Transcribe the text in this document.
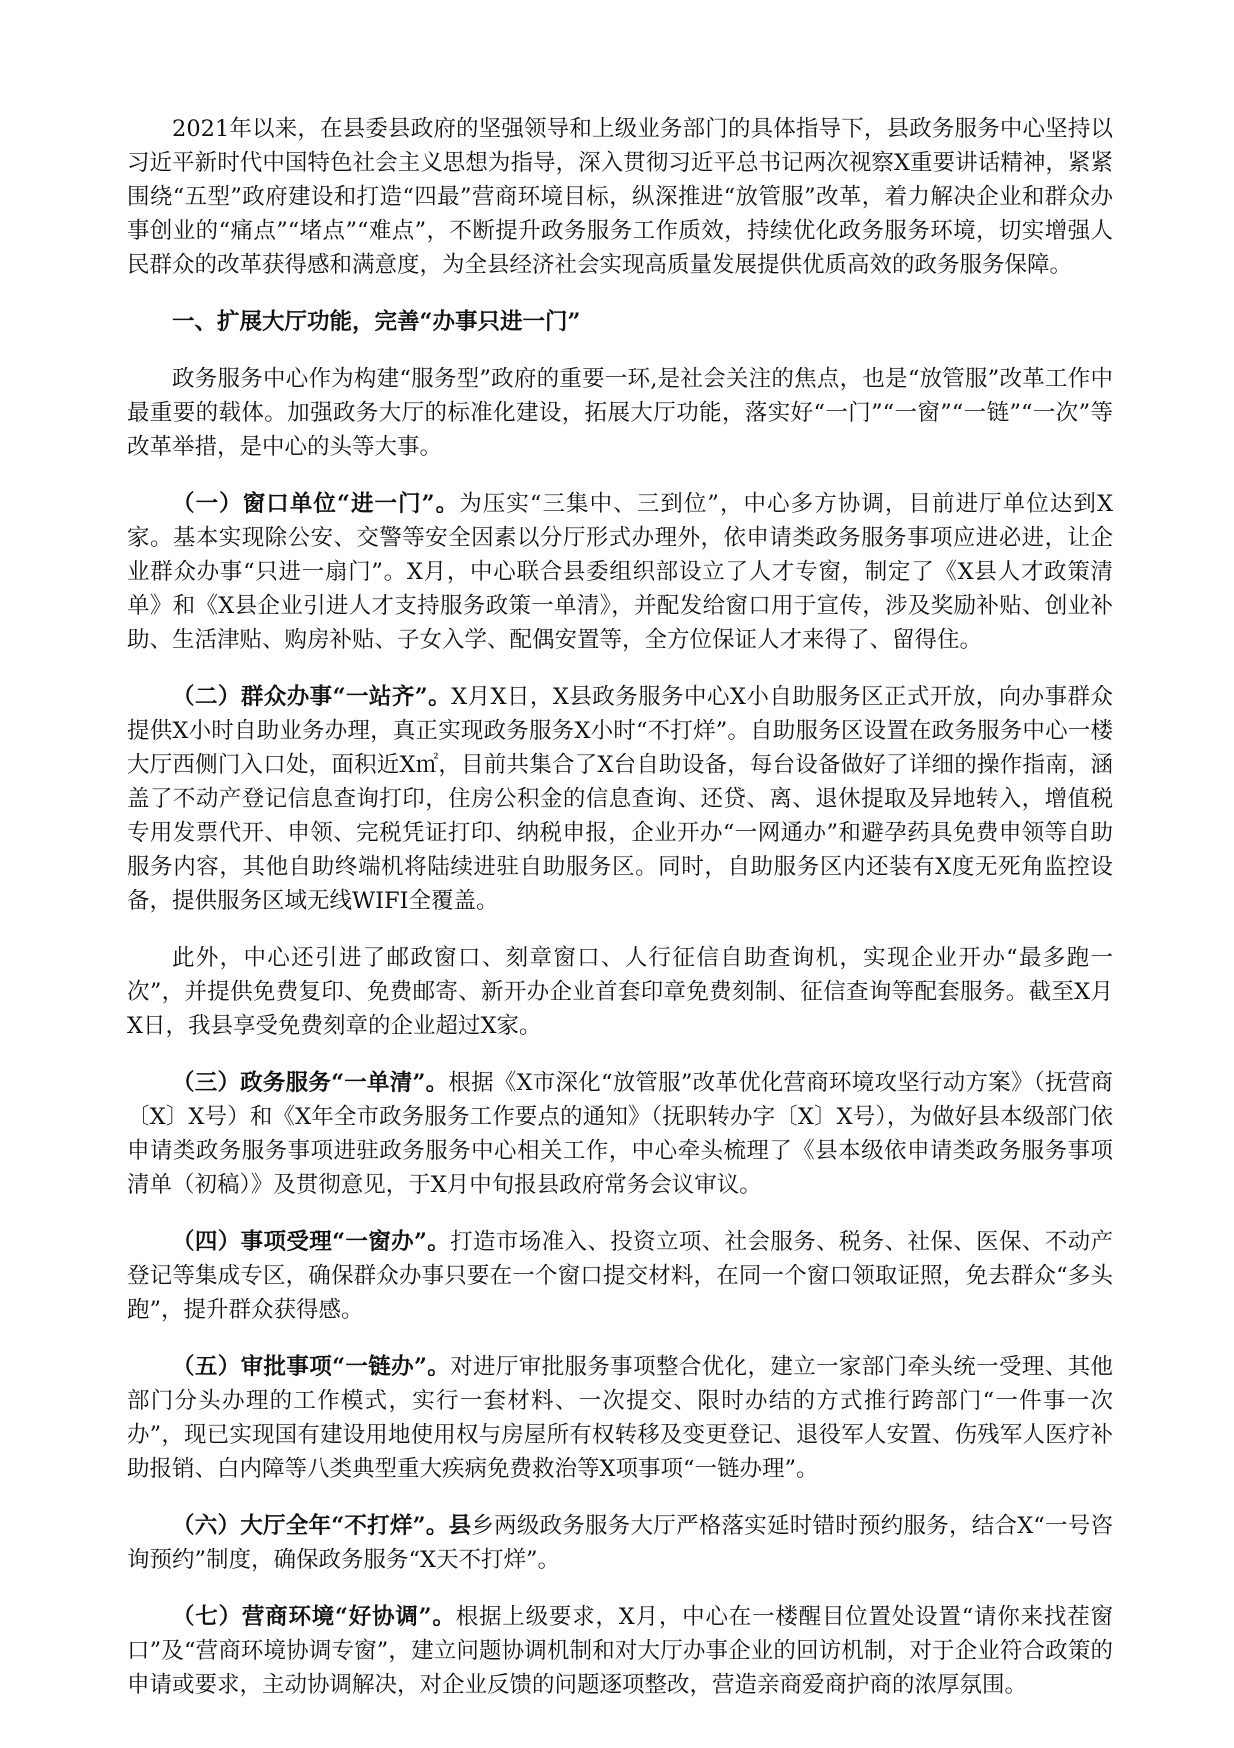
2021年以来，在县委县政府的坚强领导和上级业务部门的具体指导下，县政务服务中心坚持以习近平新时代中国特色社会主义思想为指导，深入贯彻习近平总书记两次视察X重要讲话精神，紧紧围绕“五型”政府建设和打造“四最”营商环境目标，纵深推进“放管服”改革，着力解决企业和群众办事创业的“痛点”“堵点”“难点”，不断提升政务服务工作质效，持续优化政务服务环境，切实增强人民群众的改革获得感和满意度，为全县经济社会实现高质量发展提供优质高效的政务服务保障。

一、扩展大厅功能，完善“办事只进一门”

政务服务中心作为构建“服务型”政府的重要一环,是社会关注的焦点，也是“放管服”改革工作中最重要的载体。加强政务大厅的标准化建设，拓展大厅功能，落实好“一门”“一窗”“一链”“一次”等改革举措，是中心的头等大事。

（一）窗口单位“进一门”。为压实“三集中、三到位”，中心多方协调，目前进厅单位达到X家。基本实现除公安、交警等安全因素以分厅形式办理外，依申请类政务服务事项应进必进，让企业群众办事“只进一扇门”。X月，中心联合县委组织部设立了人才专窗，制定了《X县人才政策清单》和《X县企业引进人才支持服务政策一单清》，并配发给窗口用于宣传，涉及奖励补贴、创业补助、生活津贴、购房补贴、子女入学、配偶安置等，全方位保证人才来得了、留得住。

（二）群众办事“一站齐”。X月X日，X县政务服务中心X小自助服务区正式开放，向办事群众提供X小时自助业务办理，真正实现政务服务X小时“不打烊”。自助服务区设置在政务服务中心一楼大厅西侧门入口处，面积近X㎡，目前共集合了X台自助设备，每台设备做好了详细的操作指南，涵盖了不动产登记信息查询打印，住房公积金的信息查询、还贷、离、退休提取及异地转入，增值税专用发票代开、申领、完税凭证打印、纳税申报，企业开办“一网通办”和避孕药具免费申领等自助服务内容，其他自助终端机将陆续进驻自助服务区。同时，自助服务区内还装有X度无死角监控设备，提供服务区域无线WIFI全覆盖。

此外，中心还引进了邮政窗口、刻章窗口、人行征信自助查询机，实现企业开办“最多跑一次”，并提供免费复印、免费邮寄、新开办企业首套印章免费刻制、征信查询等配套服务。截至X月X日，我县享受免费刻章的企业超过X家。

（三）政务服务“一单清”。根据《X市深化“放管服”改革优化营商环境攻坚行动方案》（抚营商〔X〕X号）和《X年全市政务服务工作要点的通知》（抚职转办字〔X〕X号），为做好县本级部门依申请类政务服务事项进驻政务服务中心相关工作，中心牵头梳理了《县本级依申请类政务服务事项清单（初稿）》及贯彻意见，于X月中旬报县政府常务会议审议。

（四）事项受理“一窗办”。打造市场准入、投资立项、社会服务、税务、社保、医保、不动产登记等集成专区，确保群众办事只要在一个窗口提交材料，在同一个窗口领取证照，免去群众“多头跑”，提升群众获得感。

（五）审批事项“一链办”。对进厅审批服务事项整合优化，建立一家部门牵头统一受理、其他部门分头办理的工作模式，实行一套材料、一次提交、限时办结的方式推行跨部门“一件事一次办”，现已实现国有建设用地使用权与房屋所有权转移及变更登记、退役军人安置、伤残军人医疗补助报销、白内障等八类典型重大疾病免费救治等X项事项“一链办理”。

（六）大厅全年“不打烊”。县乡两级政务服务大厅严格落实延时错时预约服务，结合X“一号咨询预约”制度，确保政务服务“X天不打烊”。

（七）营商环境“好协调”。根据上级要求，X月，中心在一楼醒目位置处设置“请你来找茬窗口”及“营商环境协调专窗”，建立问题协调机制和对大厅办事企业的回访机制，对于企业符合政策的申请或要求，主动协调解决，对企业反馈的问题逐项整改，营造亲商爱商护商的浓厚氛围。
